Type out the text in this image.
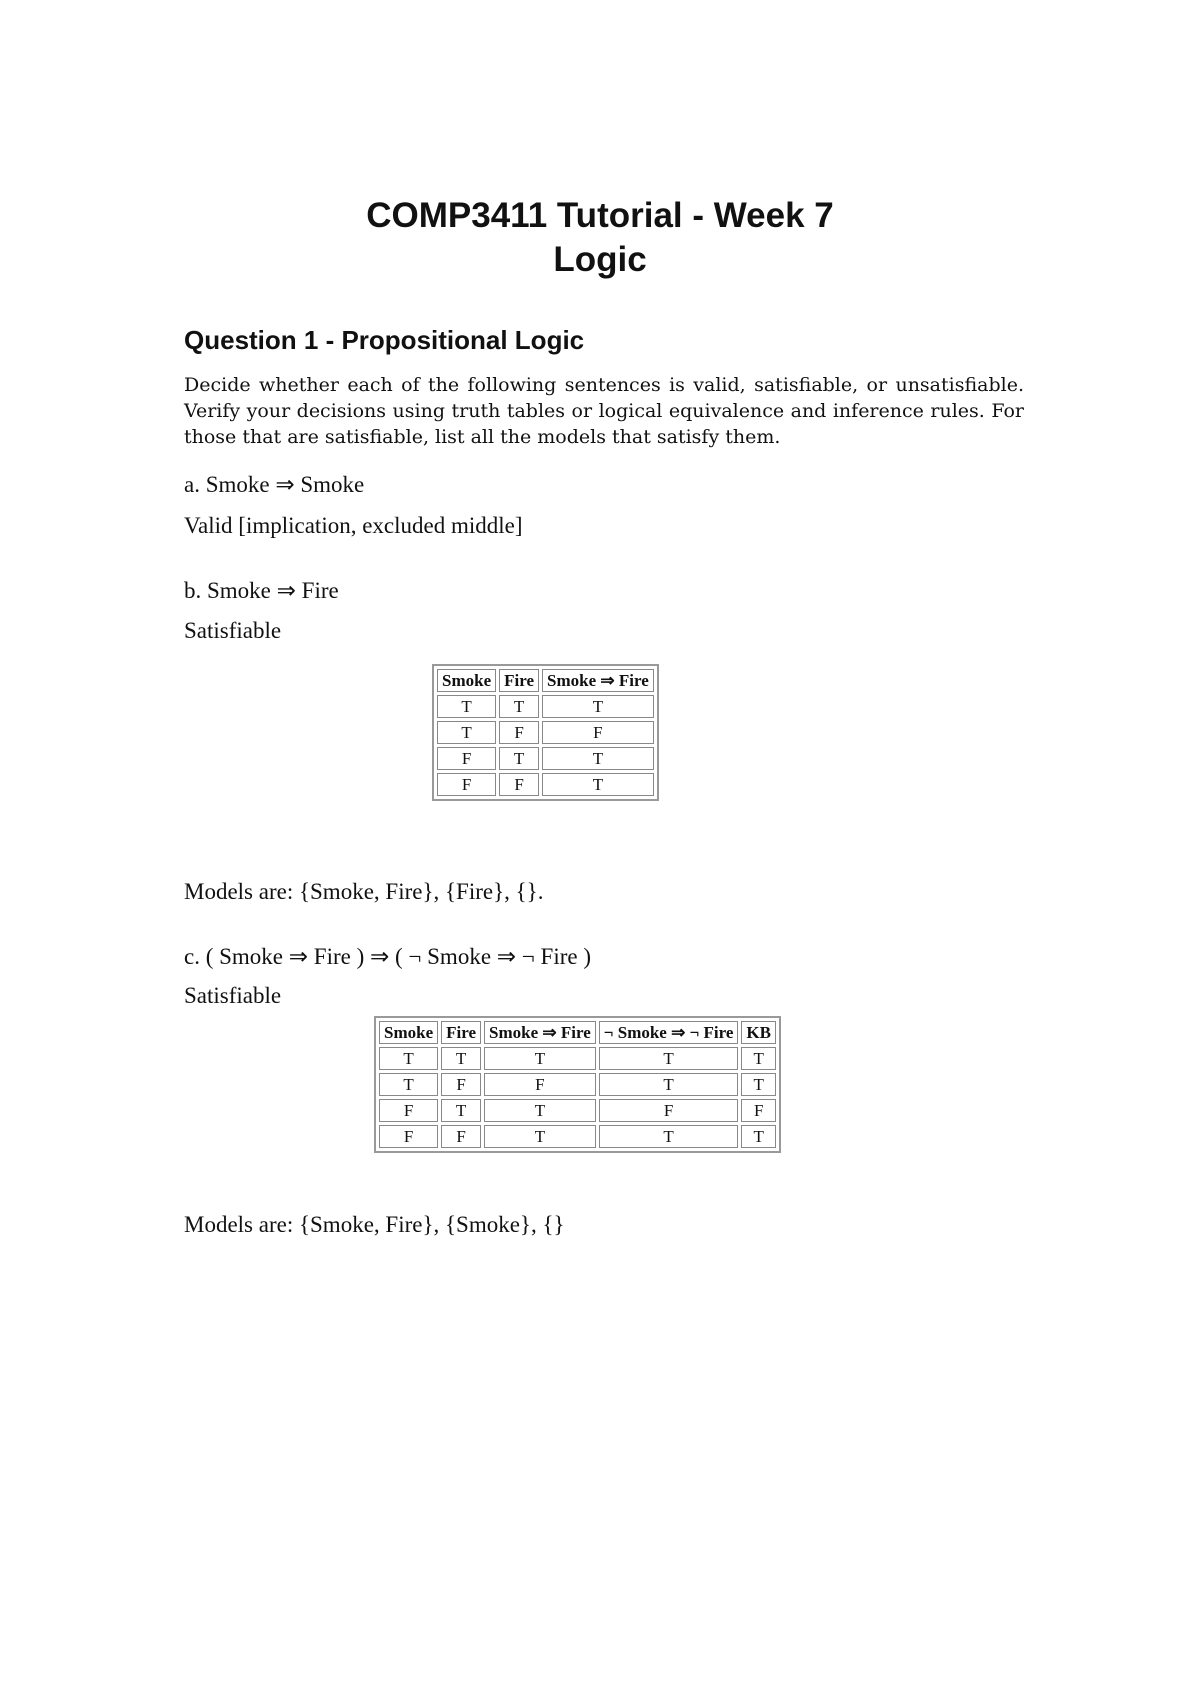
COMP3411 Tutorial - Week 7
Logic
Question 1 - Propositional Logic

Decide whether each of the following sentences is valid, satisfiable, or unsatisfiable. Verify your decisions using truth tables or logical equivalence and inference rules. For those that are satisfiable, list all the models that satisfy them.

a. Smoke ⇒ Smoke
Valid [implication, excluded middle]
b. Smoke ⇒ Fire
Satisfiable
Smoke	Fire	Smoke ⇒ Fire
T	T	T
T	F	F
F	T	T
F	F	T
Models are: {Smoke, Fire}, {Fire}, {}.
c. ( Smoke ⇒ Fire ) ⇒ ( ¬ Smoke ⇒ ¬ Fire )
Satisfiable
Smoke	Fire	Smoke ⇒ Fire	¬ Smoke ⇒ ¬ Fire	KB
T	T	T	T	T
T	F	F	T	T
F	T	T	F	F
F	F	T	T	T
Models are: {Smoke, Fire}, {Smoke}, {}
